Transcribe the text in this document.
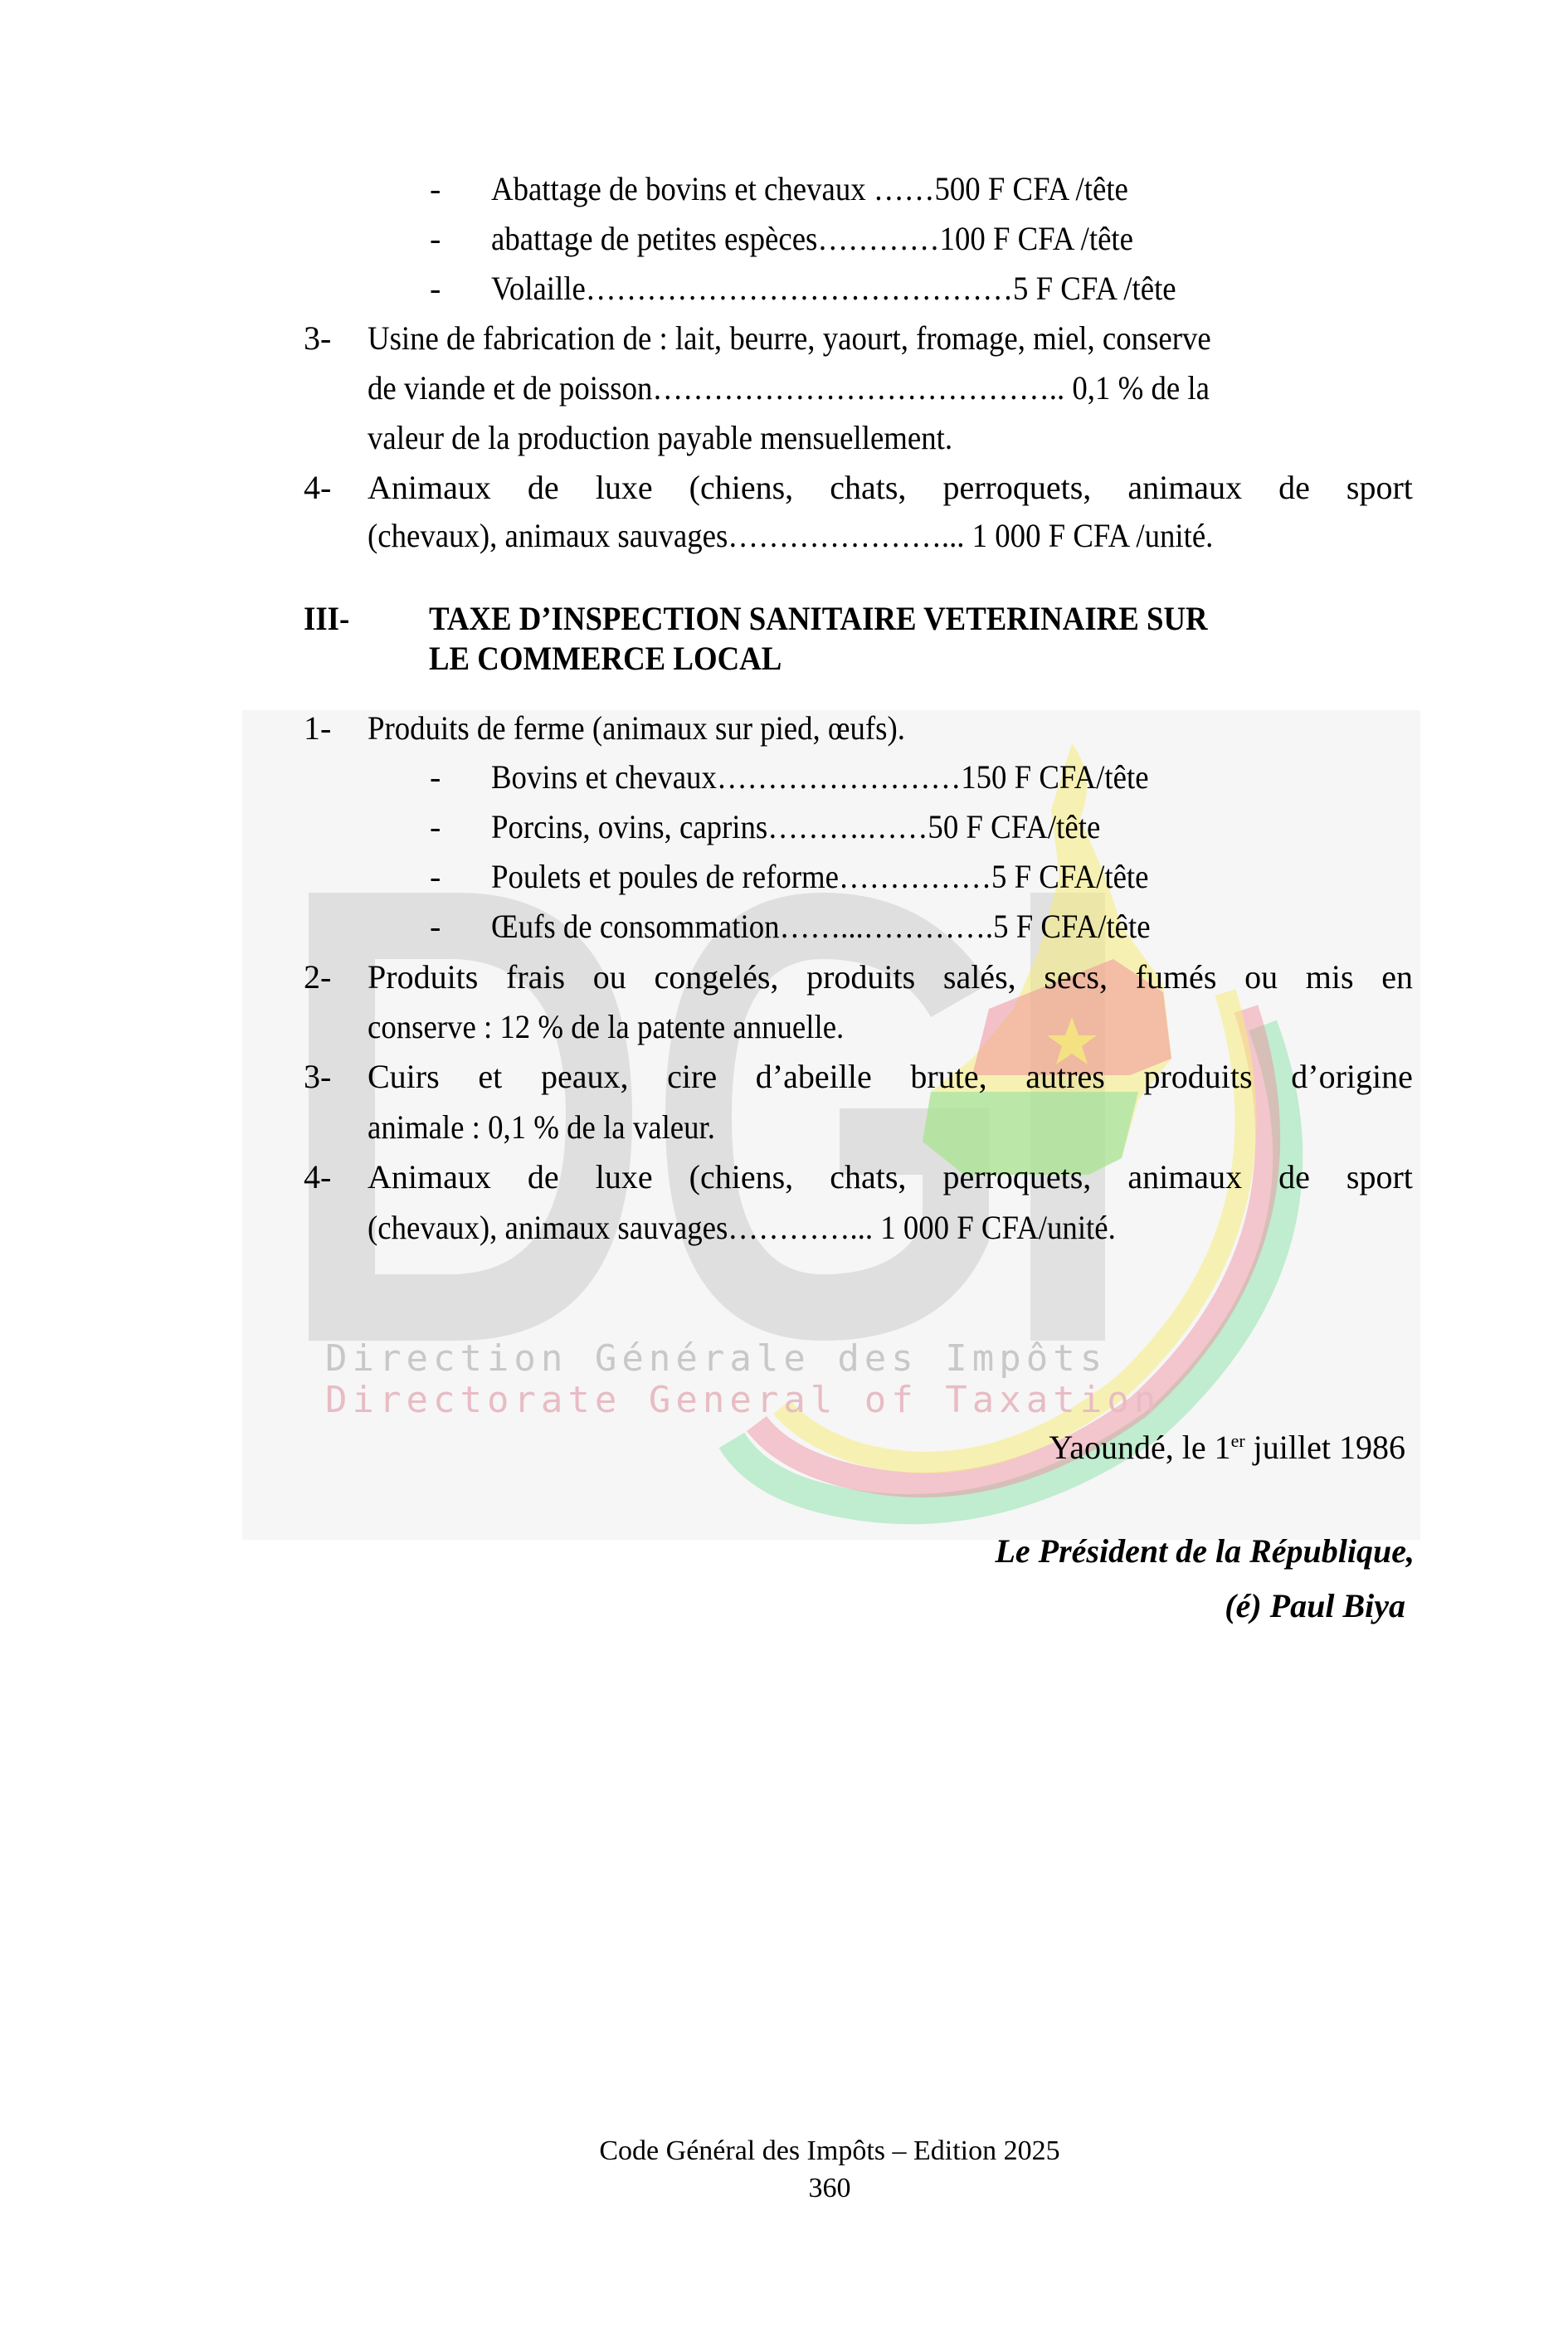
Direction Générale des Impôts
Directorate General of Taxation
- Abattage de bovins et chevaux ……500 F CFA /tête
- abattage de petites espèces…………100 F CFA /tête
- Volaille……………………………………5 F CFA /tête
3- Usine de fabrication de : lait, beurre, yaourt, fromage, miel, conserve
de viande et de poisson………………………………….. 0,1 % de la
valeur de la production payable mensuellement.
4- Animaux de luxe (chiens, chats, perroquets, animaux de sport
(chevaux), animaux sauvages…………………... 1 000 F CFA /unité.
III- TAXE D’INSPECTION SANITAIRE VETERINAIRE SUR
LE COMMERCE LOCAL
1- Produits de ferme (animaux sur pied, œufs).
- Bovins et chevaux……………………150 F CFA/tête
- Porcins, ovins, caprins……….……50 F CFA/tête
- Poulets et poules de reforme……………5 F CFA/tête
- Œufs de consommation……...………….5 F CFA/tête
2- Produits frais ou congelés, produits salés, secs, fumés ou mis en
conserve : 12 % de la patente annuelle.
3- Cuirs et peaux, cire d’abeille brute, autres produits d’origine
animale : 0,1 % de la valeur.
4- Animaux de luxe (chiens, chats, perroquets, animaux de sport
(chevaux), animaux sauvages…………... 1 000 F CFA/unité.
Yaoundé, le 1er juillet 1986
Le Président de la République,
(é) Paul Biya
Code Général des Impôts – Edition 2025
360
